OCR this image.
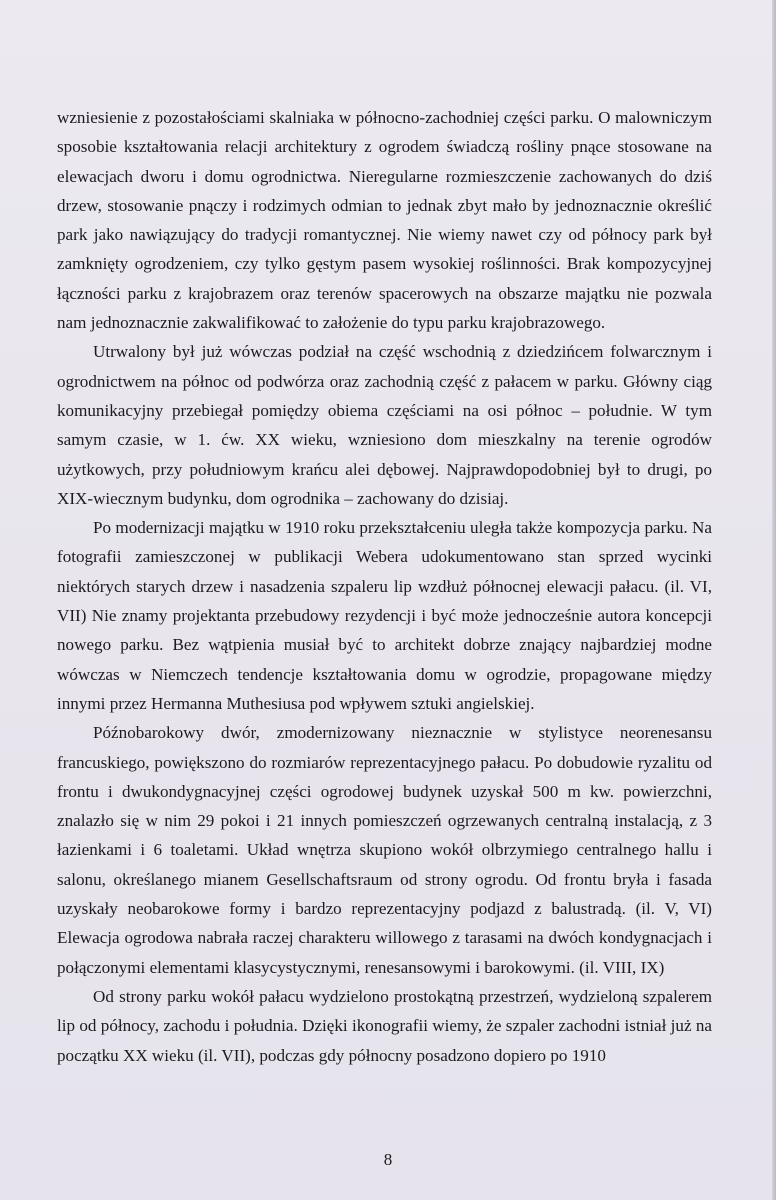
wzniesienie z pozostałościami skalniaka w północno-zachodniej części parku. O malowniczym sposobie kształtowania relacji architektury z ogrodem świadczą rośliny pnące stosowane na elewacjach dworu i domu ogrodnictwa. Nieregularne rozmieszczenie zachowanych do dziś drzew, stosowanie pnączy i rodzimych odmian to jednak zbyt mało by jednoznacznie określić park jako nawiązujący do tradycji romantycznej. Nie wiemy nawet czy od północy park był zamknięty ogrodzeniem, czy tylko gęstym pasem wysokiej roślinności. Brak kompozycyjnej łączności parku z krajobrazem oraz terenów spacerowych na obszarze majątku nie pozwala nam jednoznacznie zakwalifikować to założenie do typu parku krajobrazowego.

Utrwalony był już wówczas podział na część wschodnią z dziedzińcem folwarcznym i ogrodnictwem na północ od podwórza oraz zachodnią część z pałacem w parku. Główny ciąg komunikacyjny przebiegał pomiędzy obiema częściami na osi północ – południe. W tym samym czasie, w 1. ćw. XX wieku, wzniesiono dom mieszkalny na terenie ogrodów użytkowych, przy południowym krańcu alei dębowej. Najprawdopodobniej był to drugi, po XIX-wiecznym budynku, dom ogrodnika – zachowany do dzisiaj.

Po modernizacji majątku w 1910 roku przekształceniu uległa także kompozycja parku. Na fotografii zamieszczonej w publikacji Webera udokumentowano stan sprzed wycinki niektórych starych drzew i nasadzenia szpaleru lip wzdłuż północnej elewacji pałacu. (il. VI, VII) Nie znamy projektanta przebudowy rezydencji i być może jednocześnie autora koncepcji nowego parku. Bez wątpienia musiał być to architekt dobrze znający najbardziej modne wówczas w Niemczech tendencje kształtowania domu w ogrodzie, propagowane między innymi przez Hermanna Muthesiusa pod wpływem sztuki angielskiej.

Późnobarokowy dwór, zmodernizowany nieznacznie w stylistyce neorenesansu francuskiego, powiększono do rozmiarów reprezentacyjnego pałacu. Po dobudowie ryzalitu od frontu i dwukondygnacyjnej części ogrodowej budynek uzyskał 500 m kw. powierzchni, znalazło się w nim 29 pokoi i 21 innych pomieszczeń ogrzewanych centralną instalacją, z 3 łazienkami i 6 toaletami. Układ wnętrza skupiono wokół olbrzymiego centralnego hallu i salonu, określanego mianem Gesellschaftsraum od strony ogrodu. Od frontu bryła i fasada uzyskały neobarokowe formy i bardzo reprezentacyjny podjazd z balustradą. (il. V, VI) Elewacja ogrodowa nabrała raczej charakteru willowego z tarasami na dwóch kondygnacjach i połączonymi elementami klasycystycznymi, renesansowymi i barokowymi. (il. VIII, IX)

Od strony parku wokół pałacu wydzielono prostokątną przestrzeń, wydzieloną szpalerem lip od północy, zachodu i południa. Dzięki ikonografii wiemy, że szpaler zachodni istniał już na początku XX wieku (il. VII), podczas gdy północny posadzono dopiero po 1910

8
